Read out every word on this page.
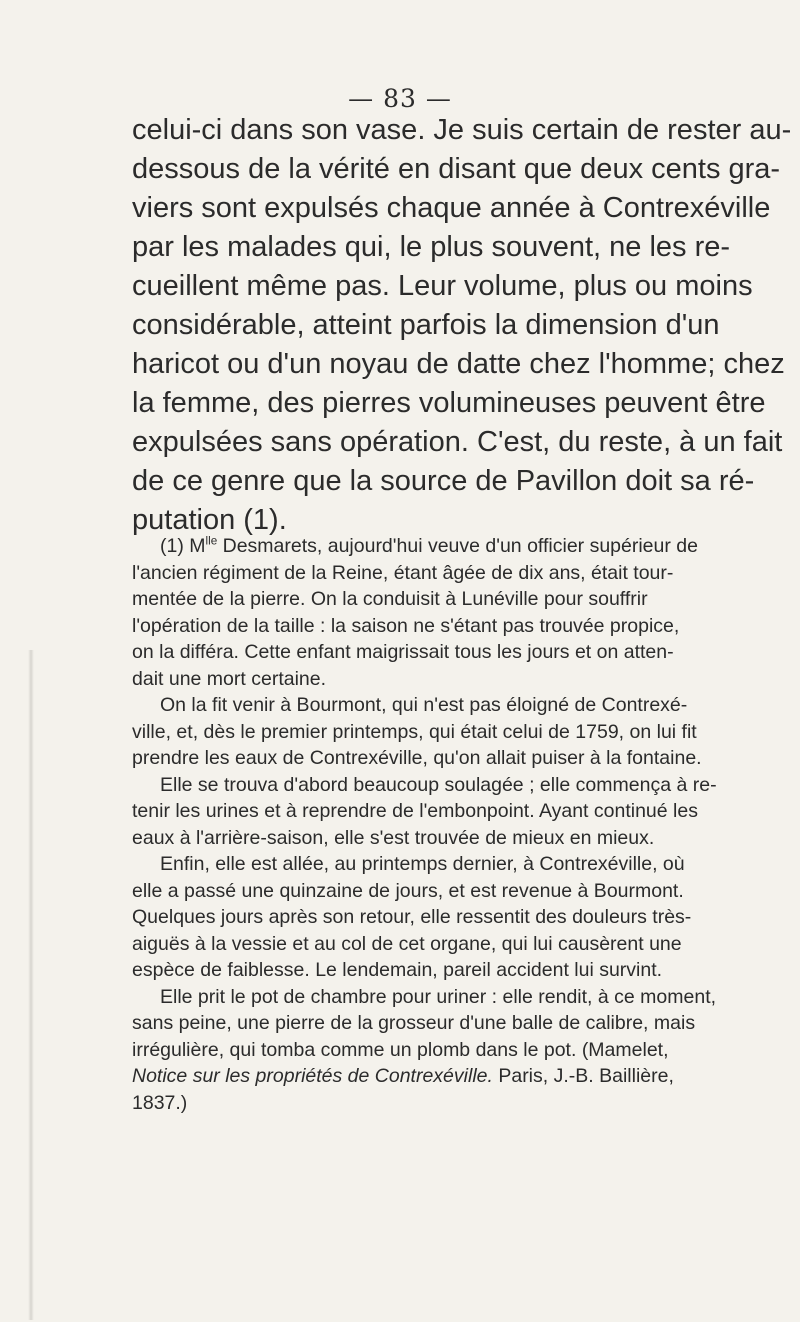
— 83 —
celui-ci dans son vase. Je suis certain de rester au-
dessous de la vérité en disant que deux cents gra-
viers sont expulsés chaque année à Contrexéville
par les malades qui, le plus souvent, ne les re-
cueillent même pas. Leur volume, plus ou moins
considérable, atteint parfois la dimension d'un
haricot ou d'un noyau de datte chez l'homme; chez
la femme, des pierres volumineuses peuvent être
expulsées sans opération. C'est, du reste, à un fait
de ce genre que la source de Pavillon doit sa ré-
putation (1).
(1) $M^{lle}$ Desmarets, aujourd'hui veuve d'un officier supérieur de
l'ancien régiment de la Reine, étant âgée de dix ans, était tour-
mentée de la pierre. On la conduisit à Lunéville pour souffrir
l'opération de la taille : la saison ne s'étant pas trouvée propice,
on la différa. Cette enfant maigrissait tous les jours et on atten-
dait une mort certaine.
On la fit venir à Bourmont, qui n'est pas éloigné de Contrexé-
ville, et, dès le premier printemps, qui était celui de 1759, on lui fit
prendre les eaux de Contrexéville, qu'on allait puiser à la fontaine.
Elle se trouva d'abord beaucoup soulagée ; elle commença à re-
tenir les urines et à reprendre de l'embonpoint. Ayant continué les
eaux à l'arrière-saison, elle s'est trouvée de mieux en mieux.
Enfin, elle est allée, au printemps dernier, à Contrexéville, où
elle a passé une quinzaine de jours, et est revenue à Bourmont.
Quelques jours après son retour, elle ressentit des douleurs très-
aiguës à la vessie et au col de cet organe, qui lui causèrent une
espèce de faiblesse. Le lendemain, pareil accident lui survint.
Elle prit le pot de chambre pour uriner : elle rendit, à ce moment,
sans peine, une pierre de la grosseur d'une balle de calibre, mais
irrégulière, qui tomba comme un plomb dans le pot. (Mamelet,
Notice sur les propriétés de Contrexéville. Paris, J.-B. Baillière,
1837.)
